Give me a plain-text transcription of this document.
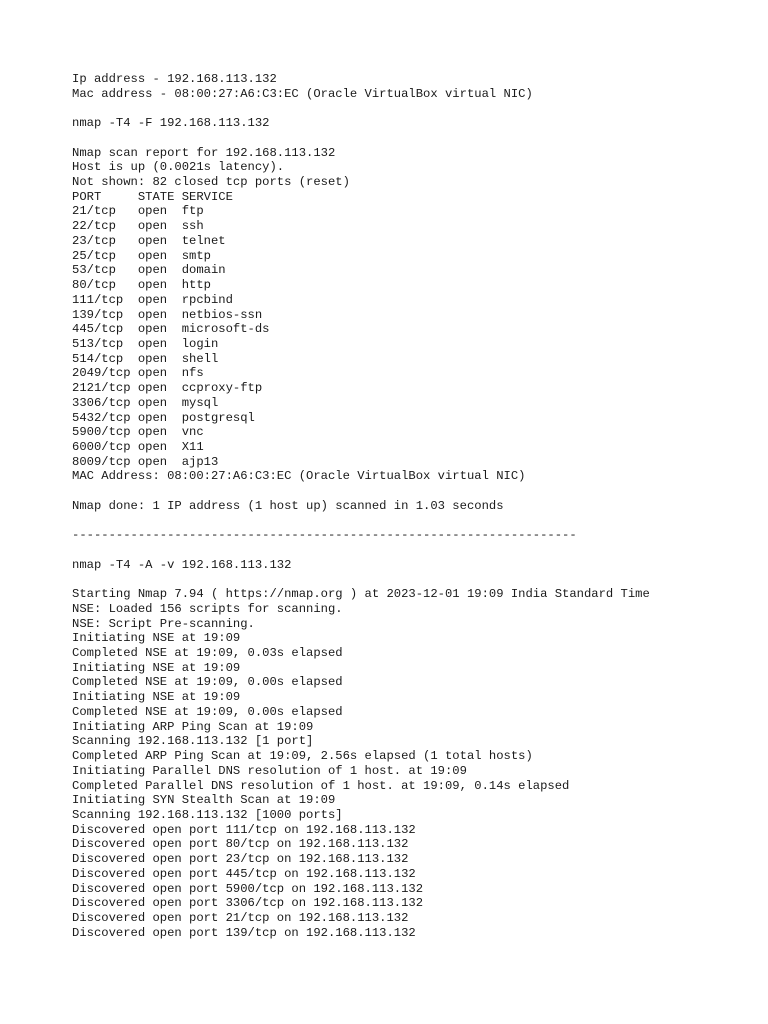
Ip address - 192.168.113.132
Mac address - 08:00:27:A6:C3:EC (Oracle VirtualBox virtual NIC)
nmap -T4 -F 192.168.113.132
Nmap scan report for 192.168.113.132
Host is up (0.0021s latency).
Not shown: 82 closed tcp ports (reset)
PORT     STATE SERVICE
21/tcp   open  ftp
22/tcp   open  ssh
23/tcp   open  telnet
25/tcp   open  smtp
53/tcp   open  domain
80/tcp   open  http
111/tcp  open  rpcbind
139/tcp  open  netbios-ssn
445/tcp  open  microsoft-ds
513/tcp  open  login
514/tcp  open  shell
2049/tcp open  nfs
2121/tcp open  ccproxy-ftp
3306/tcp open  mysql
5432/tcp open  postgresql
5900/tcp open  vnc
6000/tcp open  X11
8009/tcp open  ajp13
MAC Address: 08:00:27:A6:C3:EC (Oracle VirtualBox virtual NIC)
Nmap done: 1 IP address (1 host up) scanned in 1.03 seconds
---------------------------------------------------------------------
nmap -T4 -A -v 192.168.113.132
Starting Nmap 7.94 ( https://nmap.org ) at 2023-12-01 19:09 India Standard Time
NSE: Loaded 156 scripts for scanning.
NSE: Script Pre-scanning.
Initiating NSE at 19:09
Completed NSE at 19:09, 0.03s elapsed
Initiating NSE at 19:09
Completed NSE at 19:09, 0.00s elapsed
Initiating NSE at 19:09
Completed NSE at 19:09, 0.00s elapsed
Initiating ARP Ping Scan at 19:09
Scanning 192.168.113.132 [1 port]
Completed ARP Ping Scan at 19:09, 2.56s elapsed (1 total hosts)
Initiating Parallel DNS resolution of 1 host. at 19:09
Completed Parallel DNS resolution of 1 host. at 19:09, 0.14s elapsed
Initiating SYN Stealth Scan at 19:09
Scanning 192.168.113.132 [1000 ports]
Discovered open port 111/tcp on 192.168.113.132
Discovered open port 80/tcp on 192.168.113.132
Discovered open port 23/tcp on 192.168.113.132
Discovered open port 445/tcp on 192.168.113.132
Discovered open port 5900/tcp on 192.168.113.132
Discovered open port 3306/tcp on 192.168.113.132
Discovered open port 21/tcp on 192.168.113.132
Discovered open port 139/tcp on 192.168.113.132
